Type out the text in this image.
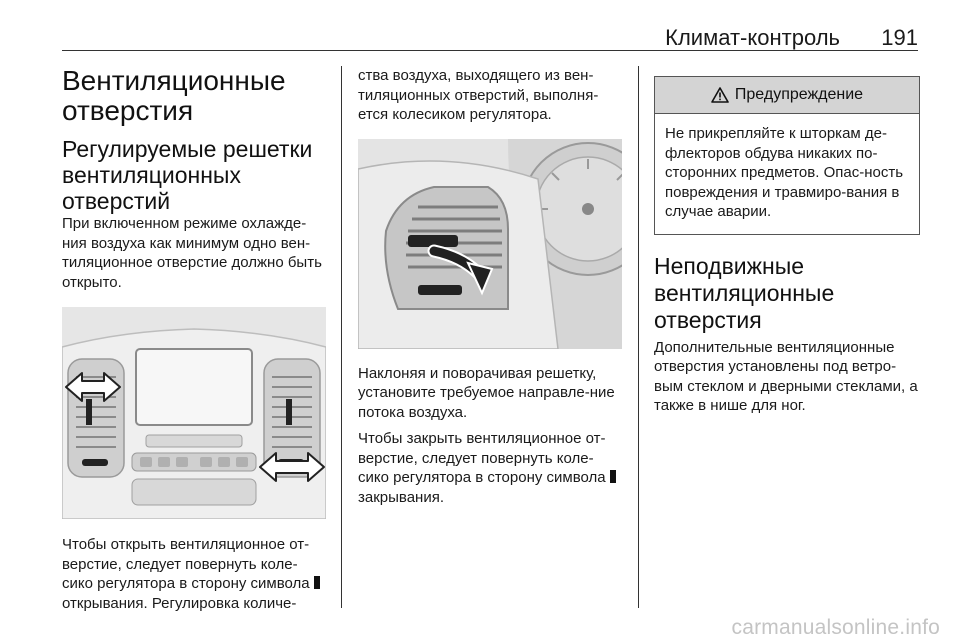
Климат-контроль 191
Вентиляционные отверстия
Регулируемые решетки вентиляционных отверстий

При включенном режиме охлажде-ния воздуха как минимум одно вен-тиляционное отверстие должно быть открыто.

Чтобы открыть вентиляционное от-верстие, следует повернуть коле-сико регулятора в сторону символа открывания. Регулировка количе-

ства воздуха, выходящего из вен-тиляционных отверстий, выполня-ется колесиком регулятора.

Наклоняя и поворачивая решетку, установите требуемое направле-ние потока воздуха.

Чтобы закрыть вентиляционное от-верстие, следует повернуть коле-сико регулятора в сторону символа закрывания.

Предупреждение

Не прикрепляйте к шторкам де-флекторов обдува никаких по-сторонних предметов. Опас-ность повреждения и травмиро-вания в случае аварии.

Неподвижные вентиляционные отверстия

Дополнительные вентиляционные отверстия установлены под ветро-вым стеклом и дверными стеклами, а также в нише для ног.

carmanualsonline.info
